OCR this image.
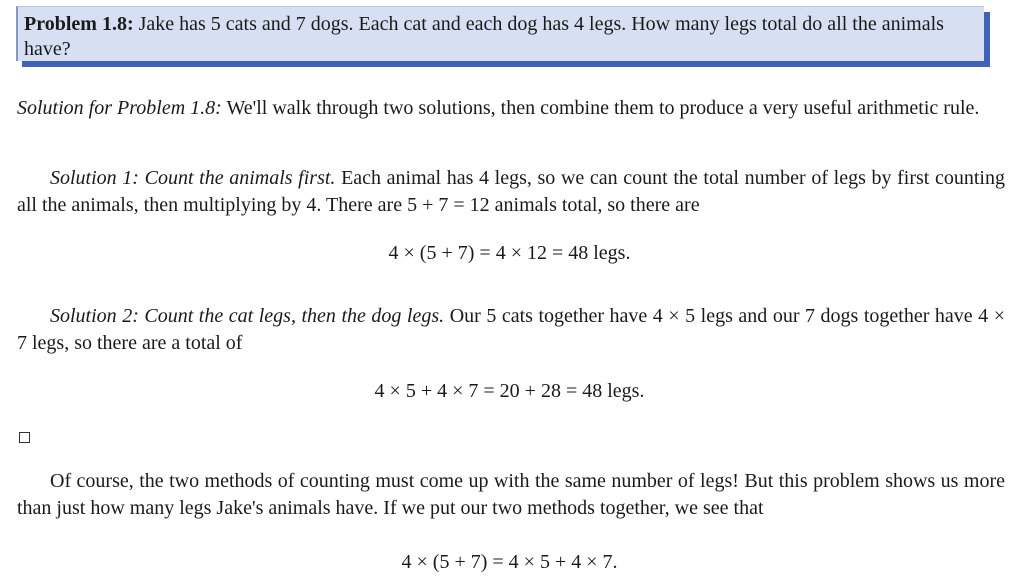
Problem 1.8: Jake has 5 cats and 7 dogs. Each cat and each dog has 4 legs. How many legs total do all the animals have?

Solution for Problem 1.8: We'll walk through two solutions, then combine them to produce a very useful arithmetic rule.

Solution 1: Count the animals first. Each animal has 4 legs, so we can count the total number of legs by first counting all the animals, then multiplying by 4. There are 5 + 7 = 12 animals total, so there are

4 × (5 + 7) = 4 × 12 = 48 legs.

Solution 2: Count the cat legs, then the dog legs. Our 5 cats together have 4 × 5 legs and our 7 dogs together have 4 × 7 legs, so there are a total of

4 × 5 + 4 × 7 = 20 + 28 = 48 legs.

Of course, the two methods of counting must come up with the same number of legs! But this problem shows us more than just how many legs Jake's animals have. If we put our two methods together, we see that

4 × (5 + 7) = 4 × 5 + 4 × 7.
